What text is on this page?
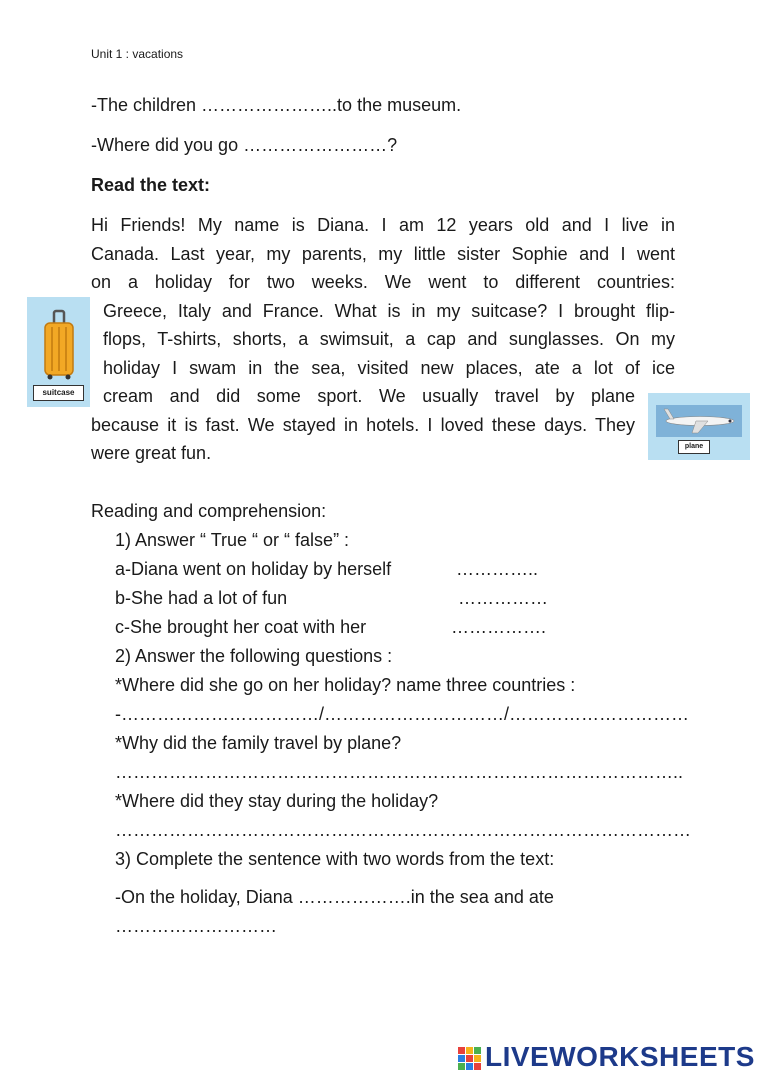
Unit 1 : vacations
-The children …………………..to the museum.
-Where did you go ……………………?
Read the text:
Hi Friends! My name is Diana. I am 12 years old and I live in
Canada. Last year, my parents, my little sister Sophie and I went
on a holiday for two weeks. We went to different countries:
Greece, Italy and France. What is in my suitcase? I brought flip-
flops, T-shirts, shorts, a swimsuit, a cap and sunglasses. On my
holiday I swam in the sea, visited new places, ate a lot of ice
cream and did some sport. We usually travel by plane
because it is fast. We stayed in hotels. I loved these days. They
were great fun.
suitcase
plane
Reading and comprehension:
1) Answer “ True “ or “ false” :
a-Diana went on holiday by herself	…………..
b-She had a lot of fun	……………
c-She brought her coat with her	…………….
2) Answer the following questions :
*Where did she go on her holiday? name three countries :
-……………………………/…………………………/…………………………
*Why did the family travel by plane?
…………………………………………………………………………………..
*Where did they stay during the holiday?
……………………………………………………………………………………
3) Complete the sentence with two words from the text:
-On the holiday, Diana ……………….in the sea and ate
………………………
LIVEWORKSHEETS
